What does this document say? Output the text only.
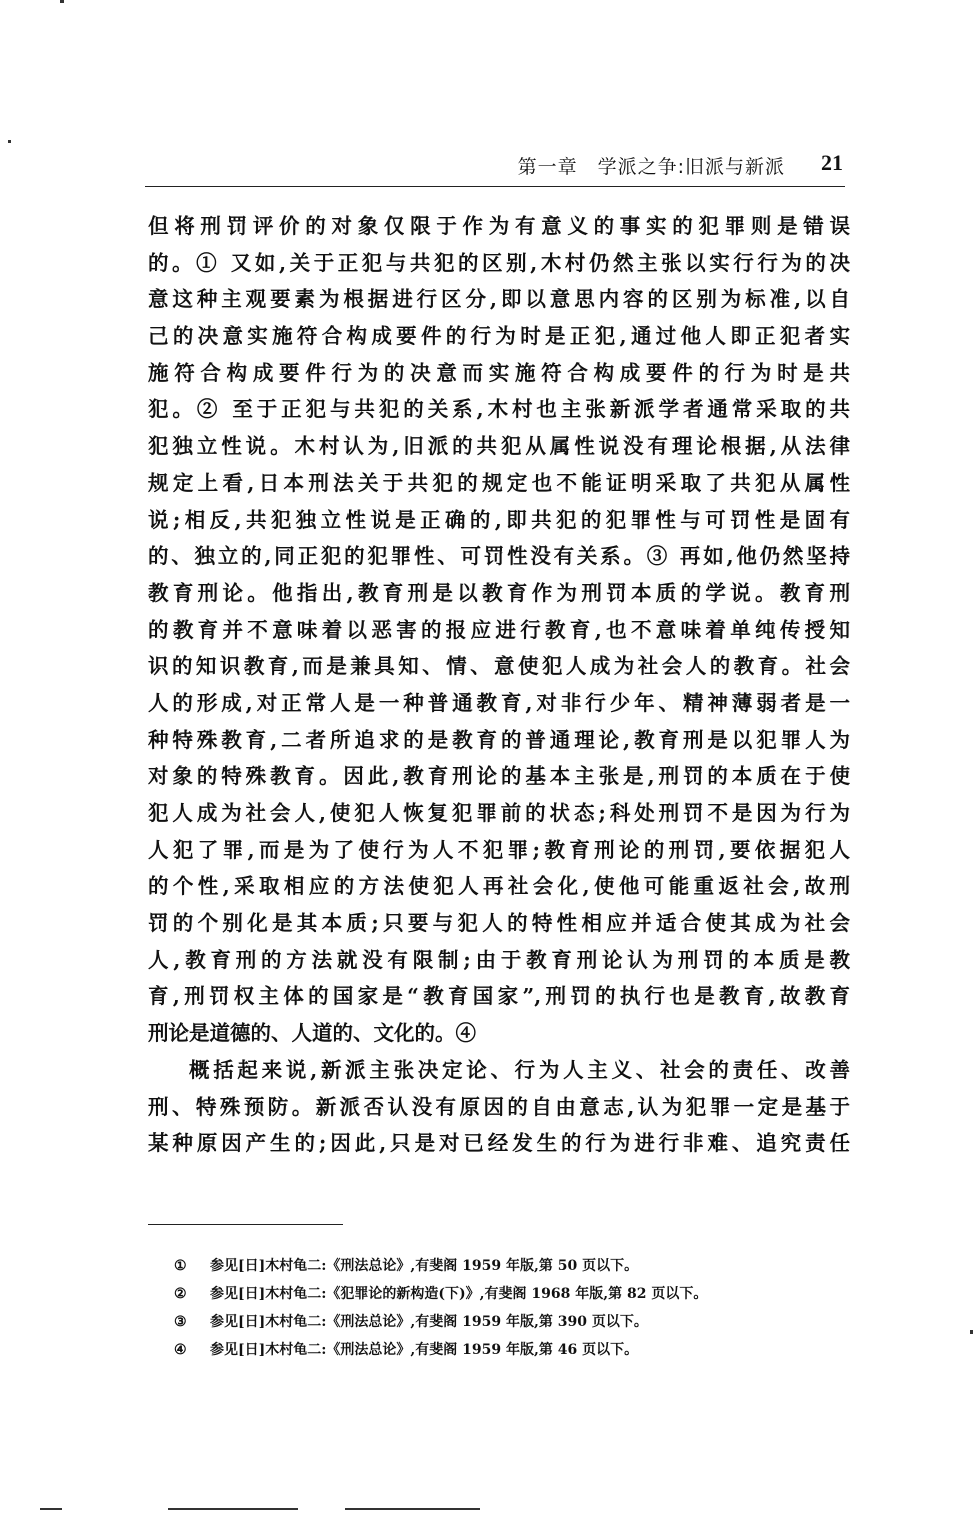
第一章　学派之争:旧派与新派 21
但将刑罚评价的对象仅限于作为有意义的事实的犯罪则是错误
的。① 又如,关于正犯与共犯的区别,木村仍然主张以实行行为的决
意这种主观要素为根据进行区分,即以意思内容的区别为标准,以自
己的决意实施符合构成要件的行为时是正犯,通过他人即正犯者实
施符合构成要件行为的决意而实施符合构成要件的行为时是共
犯。② 至于正犯与共犯的关系,木村也主张新派学者通常采取的共
犯独立性说。木村认为,旧派的共犯从属性说没有理论根据,从法律
规定上看,日本刑法关于共犯的规定也不能证明采取了共犯从属性
说;相反,共犯独立性说是正确的,即共犯的犯罪性与可罚性是固有
的、独立的,同正犯的犯罪性、可罚性没有关系。③ 再如,他仍然坚持
教育刑论。他指出,教育刑是以教育作为刑罚本质的学说。教育刑
的教育并不意味着以恶害的报应进行教育,也不意味着单纯传授知
识的知识教育,而是兼具知、情、意使犯人成为社会人的教育。社会
人的形成,对正常人是一种普通教育,对非行少年、精神薄弱者是一
种特殊教育,二者所追求的是教育的普通理论,教育刑是以犯罪人为
对象的特殊教育。因此,教育刑论的基本主张是,刑罚的本质在于使
犯人成为社会人,使犯人恢复犯罪前的状态;科处刑罚不是因为行为
人犯了罪,而是为了使行为人不犯罪;教育刑论的刑罚,要依据犯人
的个性,采取相应的方法使犯人再社会化,使他可能重返社会,故刑
罚的个别化是其本质;只要与犯人的特性相应并适合使其成为社会
人,教育刑的方法就没有限制;由于教育刑论认为刑罚的本质是教
育,刑罚权主体的国家是“教育国家”,刑罚的执行也是教育,故教育
刑论是道德的、人道的、文化的。④
概括起来说,新派主张决定论、行为人主义、社会的责任、改善
刑、特殊预防。新派否认没有原因的自由意志,认为犯罪一定是基于
某种原因产生的;因此,只是对已经发生的行为进行非难、追究责任
① 参见[日]木村龟二:《刑法总论》,有斐阁 1959 年版,第 50 页以下。
② 参见[日]木村龟二:《犯罪论的新构造(下)》,有斐阁 1968 年版,第 82 页以下。
③ 参见[日]木村龟二:《刑法总论》,有斐阁 1959 年版,第 390 页以下。
④ 参见[日]木村龟二:《刑法总论》,有斐阁 1959 年版,第 46 页以下。
